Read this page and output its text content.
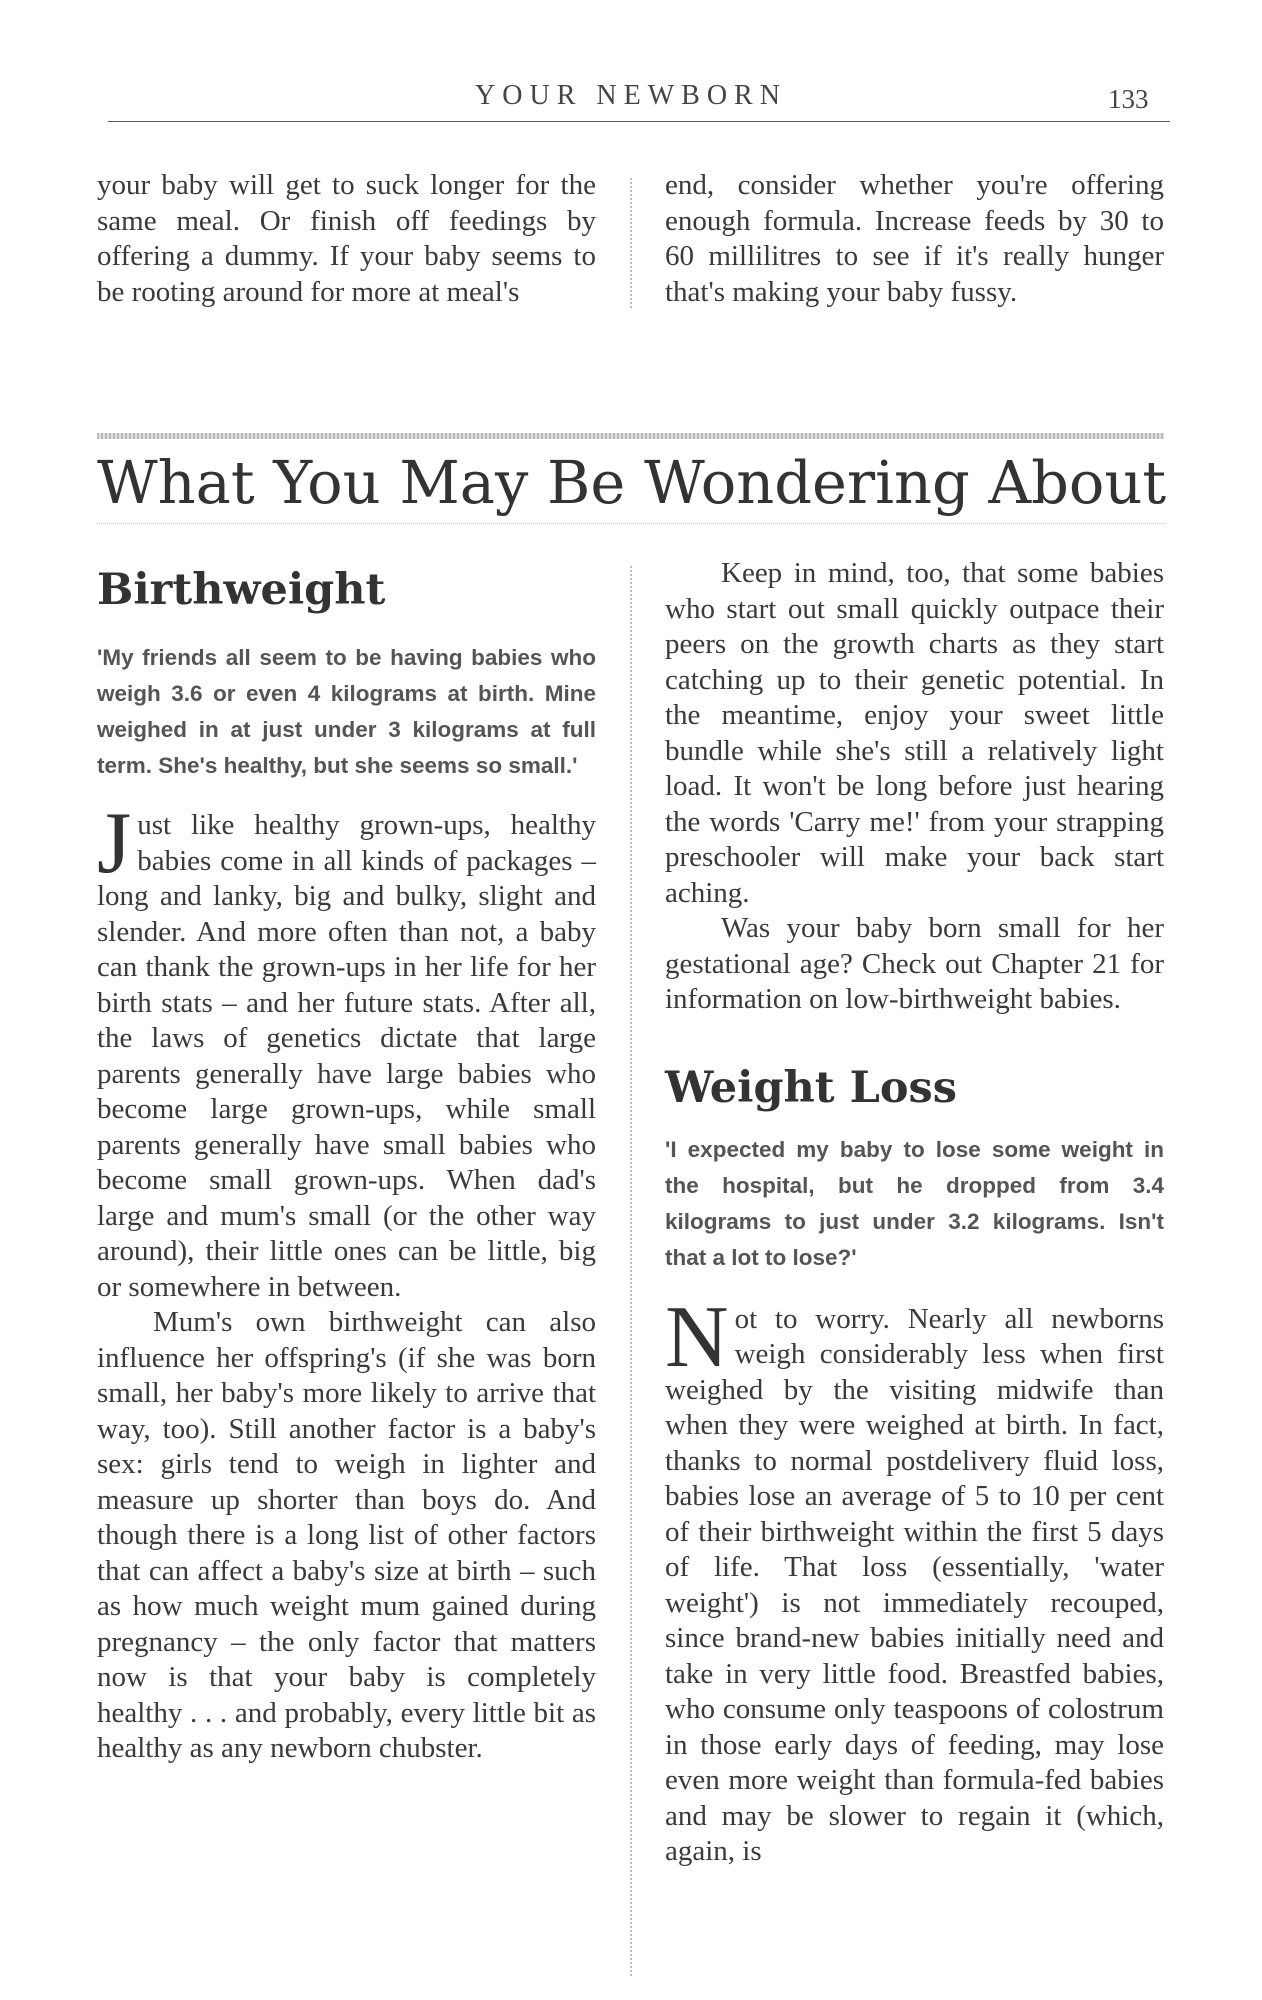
YOUR NEWBORN	133

your baby will get to suck longer for the same meal. Or finish off feedings by offering a dummy. If your baby seems to be rooting around for more at meal's

end, consider whether you're offering enough formula. Increase feeds by 30 to 60 millilitres to see if it's really hunger that's making your baby fussy.

What You May Be Wondering About
Birthweight

'My friends all seem to be having babies who weigh 3.6 or even 4 kilograms at birth. Mine weighed in at just under 3 kilograms at full term. She's healthy, but she seems so small.'

Just like healthy grown-ups, healthy babies come in all kinds of packages – long and lanky, big and bulky, slight and slender. And more often than not, a baby can thank the grown-ups in her life for her birth stats – and her future stats. After all, the laws of genetics dictate that large parents generally have large babies who become large grown-ups, while small parents generally have small babies who become small grown-ups. When dad's large and mum's small (or the other way around), their little ones can be little, big or somewhere in between.

Mum's own birthweight can also influence her offspring's (if she was born small, her baby's more likely to arrive that way, too). Still another factor is a baby's sex: girls tend to weigh in lighter and measure up shorter than boys do. And though there is a long list of other factors that can affect a baby's size at birth – such as how much weight mum gained during pregnancy – the only factor that matters now is that your baby is completely healthy . . . and probably, every little bit as healthy as any newborn chubster.

Keep in mind, too, that some babies who start out small quickly outpace their peers on the growth charts as they start catching up to their genetic potential. In the meantime, enjoy your sweet little bundle while she's still a relatively light load. It won't be long before just hearing the words 'Carry me!' from your strapping preschooler will make your back start aching.

Was your baby born small for her gestational age? Check out Chapter 21 for information on low-birthweight babies.

Weight Loss

'I expected my baby to lose some weight in the hospital, but he dropped from 3.4 kilograms to just under 3.2 kilograms. Isn't that a lot to lose?'

Not to worry. Nearly all newborns weigh considerably less when first weighed by the visiting midwife than when they were weighed at birth. In fact, thanks to normal postdelivery fluid loss, babies lose an average of 5 to 10 per cent of their birthweight within the first 5 days of life. That loss (essentially, 'water weight') is not immediately recouped, since brand-new babies initially need and take in very little food. Breastfed babies, who consume only teaspoons of colostrum in those early days of feeding, may lose even more weight than formula-fed babies and may be slower to regain it (which, again, is
